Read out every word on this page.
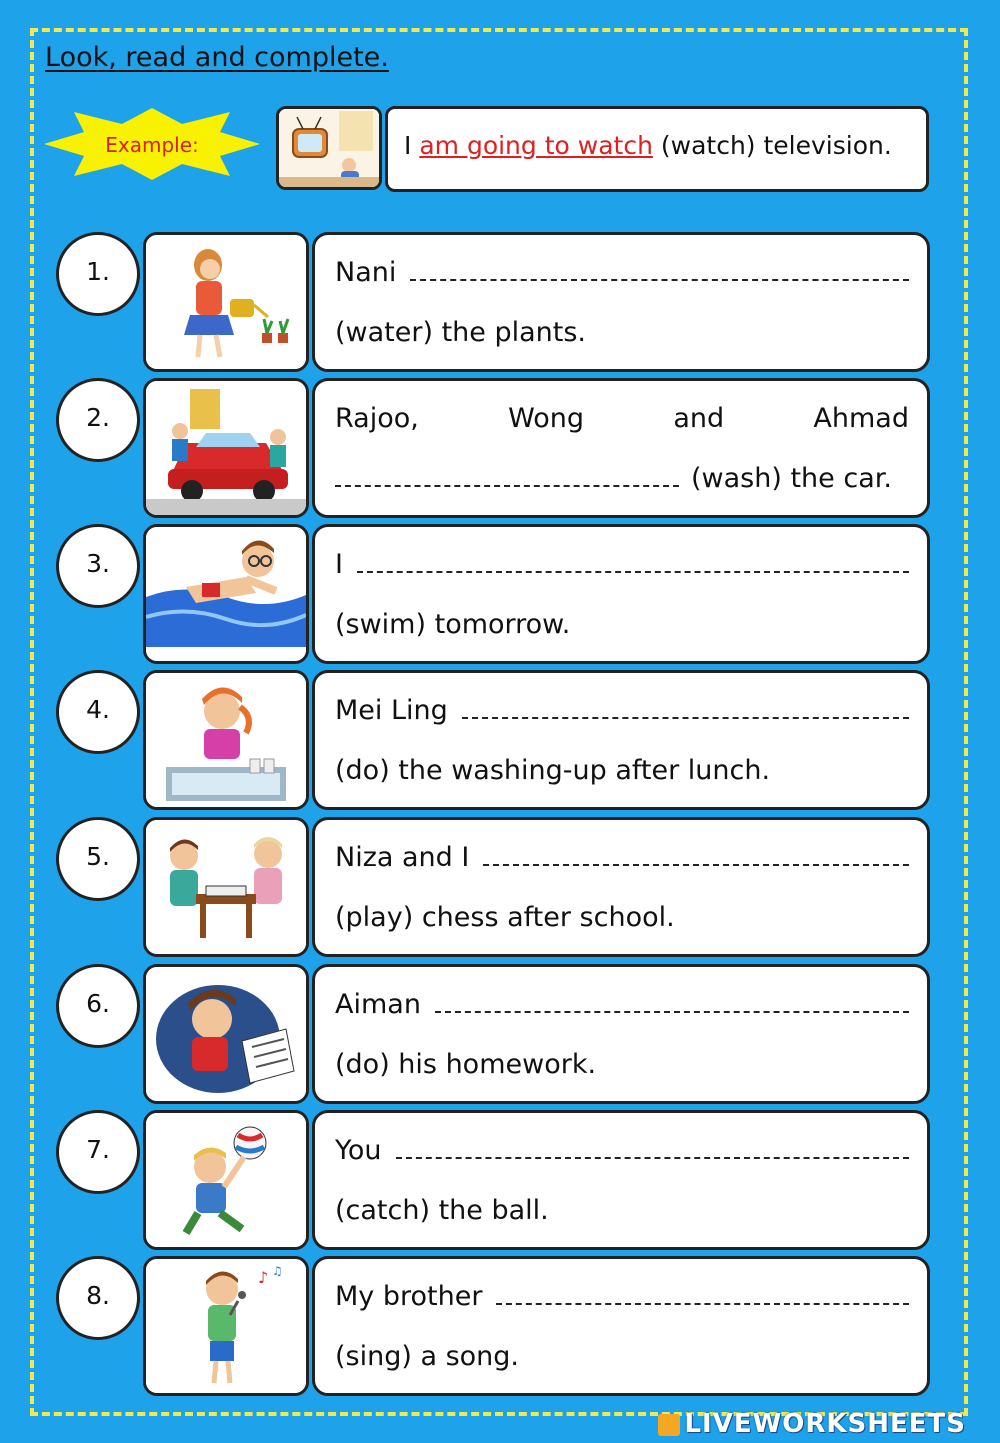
Look, read and complete.
Example:	I am going to watch (watch) television.
1.	Nani
(water) the plants.
2.	Rajoo,	Wong	and	Ahmad
(wash) the car.
3.	I
(swim) tomorrow.
4.	Mei Ling
(do) the washing-up after lunch.
5.	Niza and I
(play) chess after school.
6.	Aiman
(do) his homework.
7.	You
(catch) the ball.
8.
♪ ♫
My brother
(sing) a song.
LIVEWORKSHEETS
